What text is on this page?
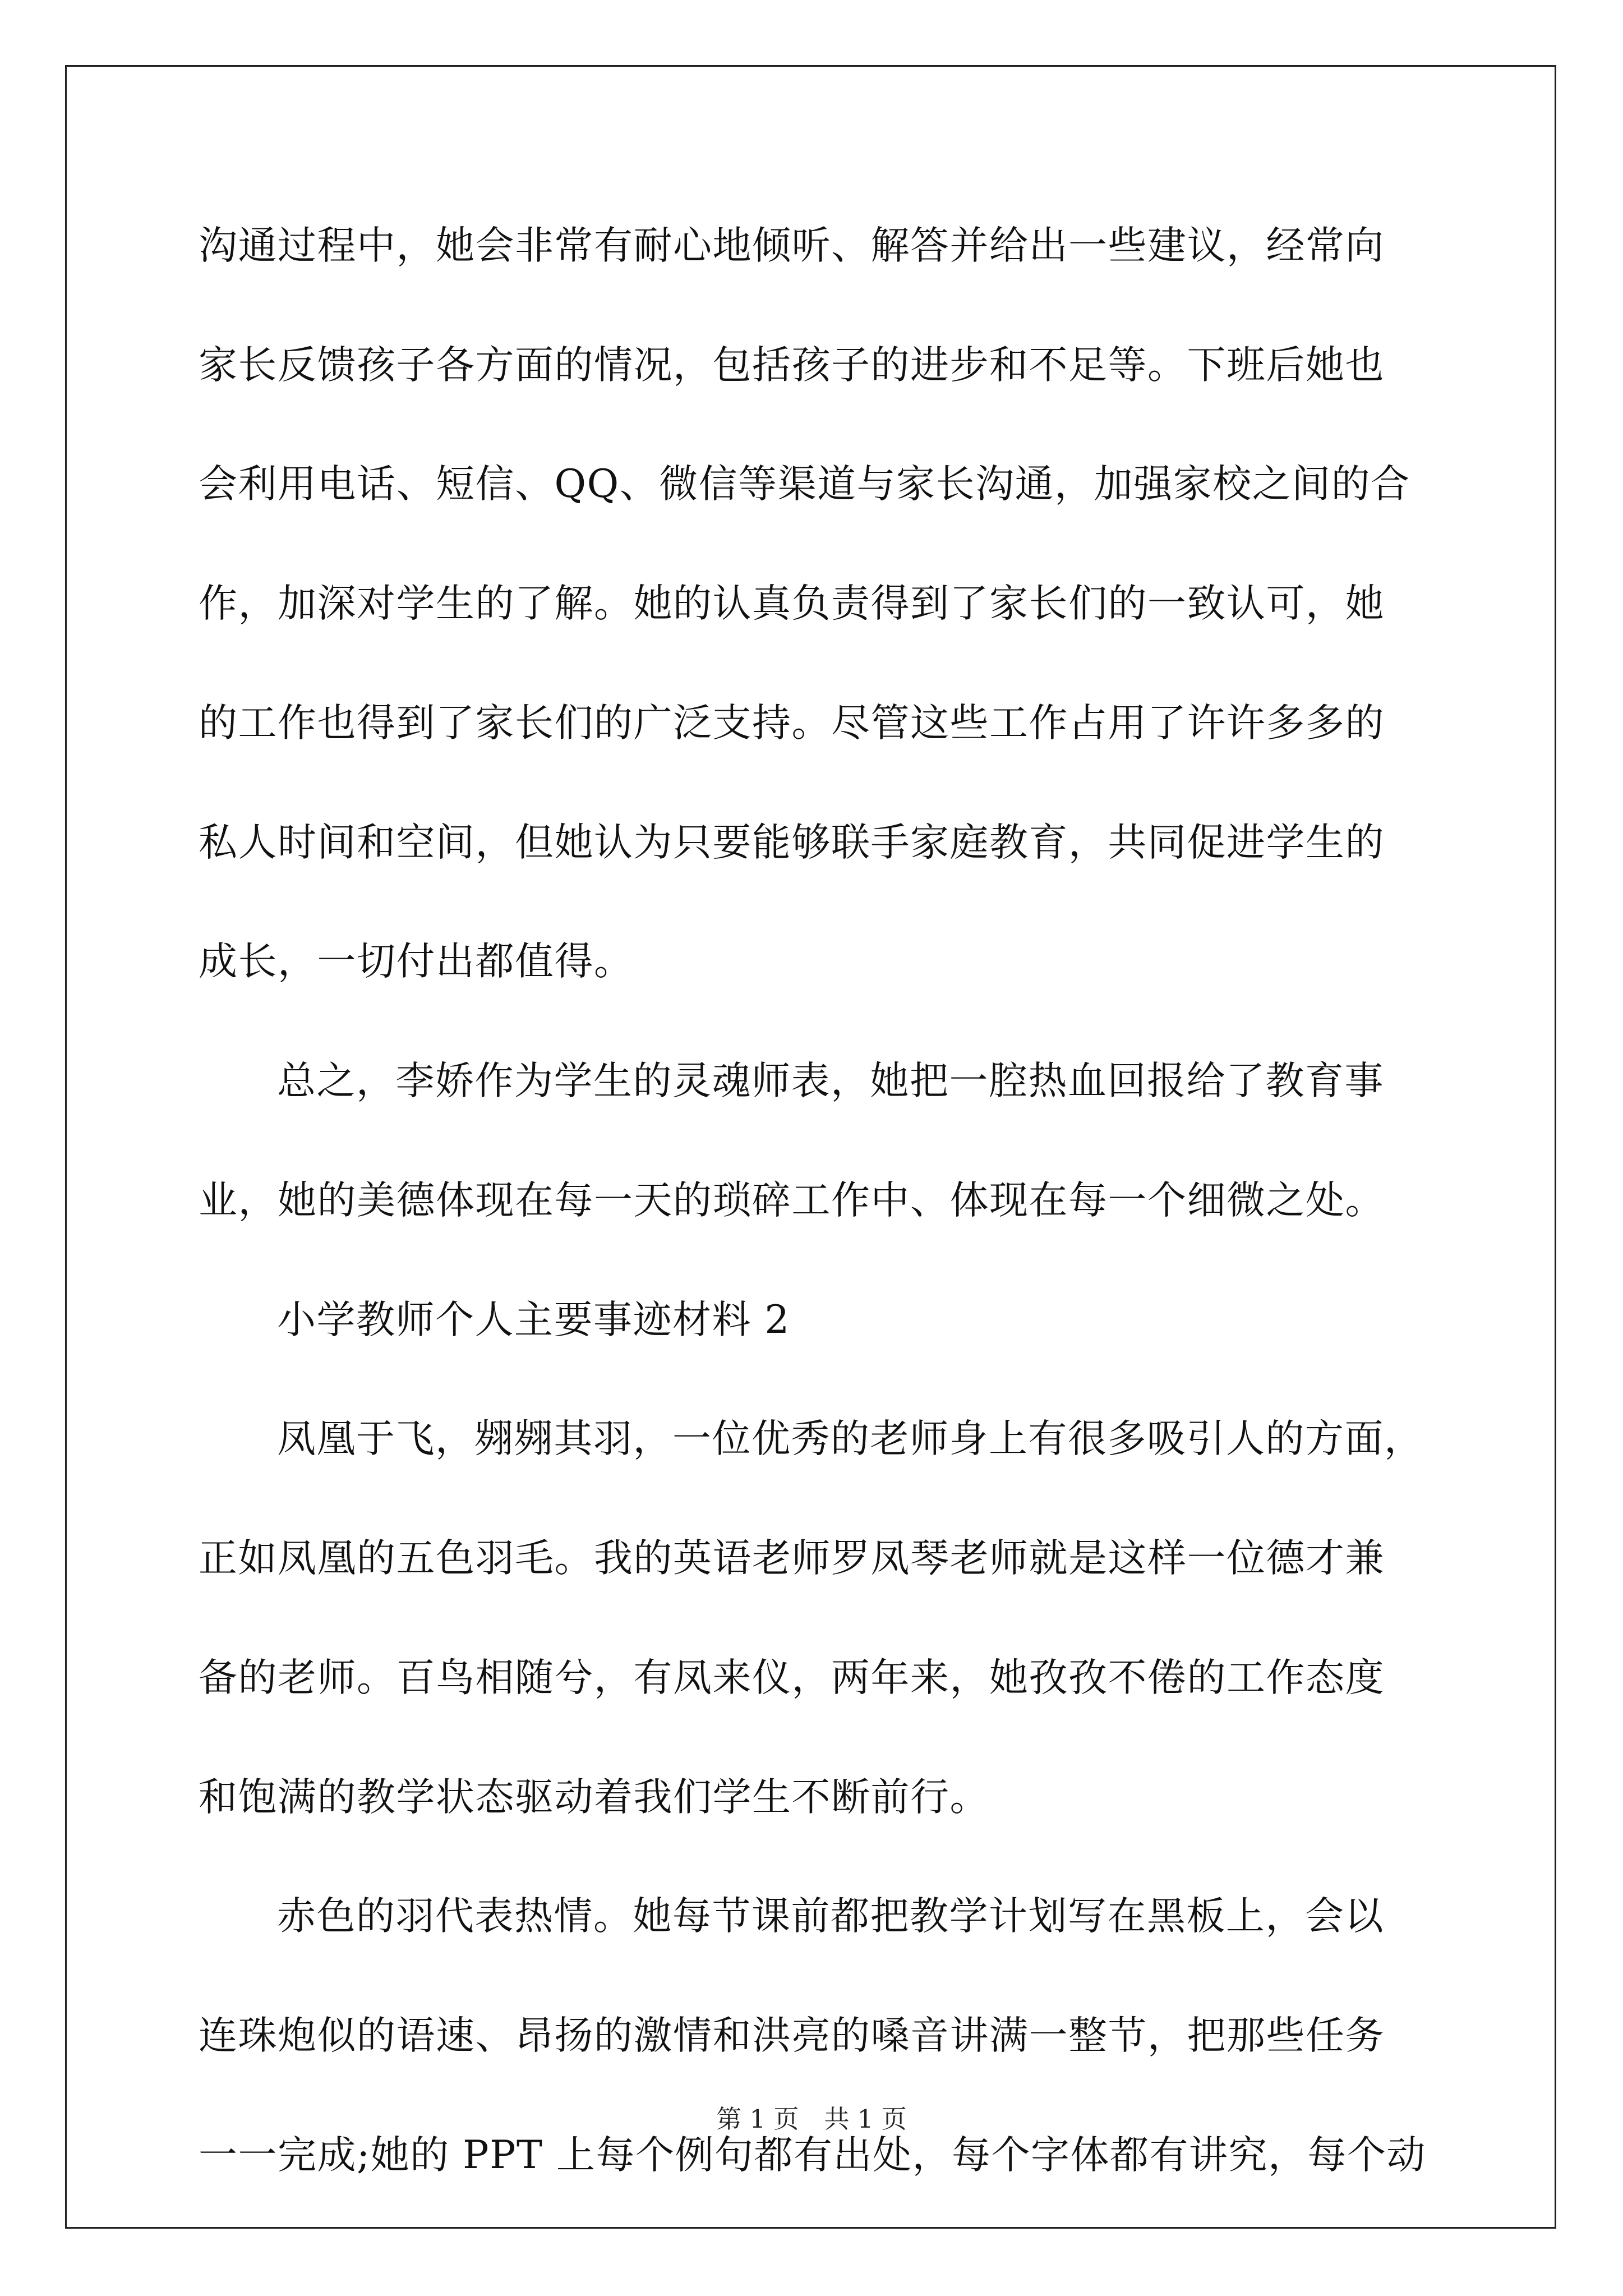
沟通过程中，她会非常有耐心地倾听、解答并给出一些建议，经常向
家长反馈孩子各方面的情况，包括孩子的进步和不足等。下班后她也
会利用电话、短信、QQ、微信等渠道与家长沟通，加强家校之间的合
作，加深对学生的了解。她的认真负责得到了家长们的一致认可，她
的工作也得到了家长们的广泛支持。尽管这些工作占用了许许多多的
私人时间和空间，但她认为只要能够联手家庭教育，共同促进学生的
成长，一切付出都值得。
总之，李娇作为学生的灵魂师表，她把一腔热血回报给了教育事
业，她的美德体现在每一天的琐碎工作中、体现在每一个细微之处。
小学教师个人主要事迹材料 2
凤凰于飞，翙翙其羽，一位优秀的老师身上有很多吸引人的方面，
正如凤凰的五色羽毛。我的英语老师罗凤琴老师就是这样一位德才兼
备的老师。百鸟相随兮，有凤来仪，两年来，她孜孜不倦的工作态度
和饱满的教学状态驱动着我们学生不断前行。
赤色的羽代表热情。她每节课前都把教学计划写在黑板上，会以
连珠炮似的语速、昂扬的激情和洪亮的嗓音讲满一整节，把那些任务
一一完成;她的 PPT 上每个例句都有出处，每个字体都有讲究，每个动
第 1 页　共 1 页
